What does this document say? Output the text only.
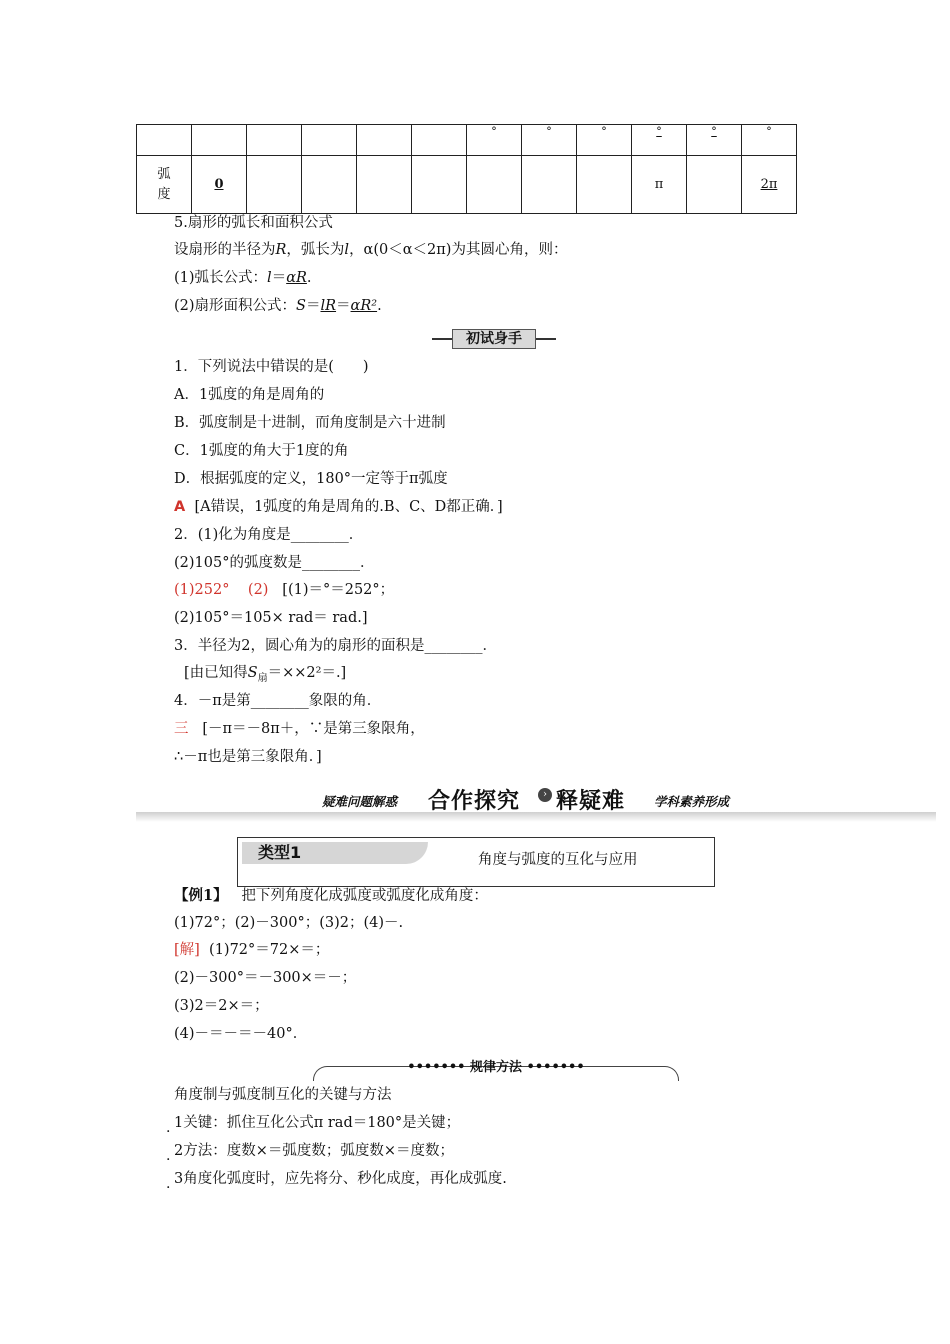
						°	°	°	°	°	°
弧
度	0								π		2π
5.扇形的弧长和面积公式
设扇形的半径为R，弧长为l，α(0＜α＜2π)为其圆心角，则：
(1)弧长公式：l＝αR.
(2)扇形面积公式：S＝lR＝αR².
初试身手
1．下列说法中错误的是(　　)
A．1弧度的角是周角的
B．弧度制是十进制，而角度制是六十进制
C．1弧度的角大于1度的角
D．根据弧度的定义，180°一定等于π弧度
A [A错误，1弧度的角是周角的.B、C、D都正确．]
2．(1)化为角度是________．
(2)105°的弧度数是________．
(1)252° (2) [(1)＝°＝252°；
(2)105°＝105× rad＝ rad.]
3．半径为2，圆心角为的扇形的面积是________．
[由已知得$S_扇=\times\times 2^2=$.]
4．－π是第________象限的角．
三 [－π＝－8π＋，∵是第三象限角，
∴－π也是第三象限角．]
疑难问题解惑 合作探究	› 释疑难 学科素养形成
类型1	角度与弧度的互化与应用
【例1】 把下列角度化成弧度或弧度化成角度：
(1)72°；(2)－300°；(3)2；(4)－.
[解] (1)72°＝72×＝；
(2)－300°＝－300×＝－；
(3)2＝2×＝；
(4)－＝－＝－40°．
••••••• 规律方法 •••••••
角度制与弧度制互化的关键与方法
. 1关键：抓住互化公式π rad＝180°是关键；
. 2方法：度数×＝弧度数；弧度数×＝度数；
. 3角度化弧度时，应先将分、秒化成度，再化成弧度.
